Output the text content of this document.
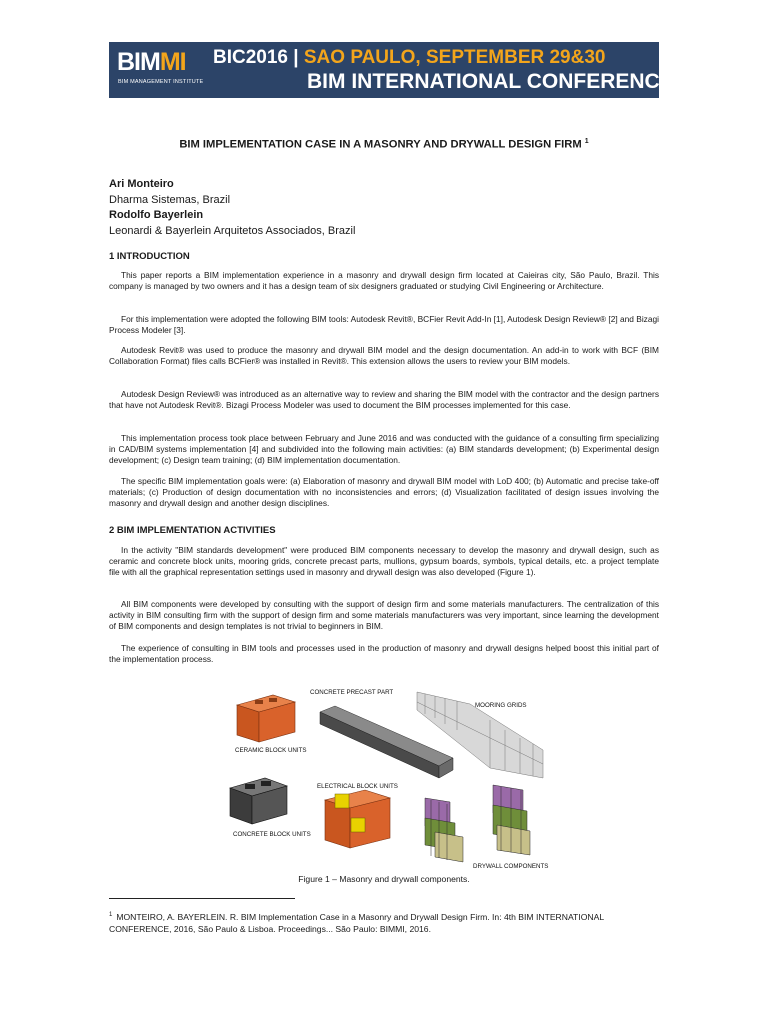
BIMMI
BIM MANAGEMENT INSTITUTE
BIC2016 | SAO PAULO, SEPTEMBER 29&30
BIM INTERNATIONAL CONFERENCE
BIM IMPLEMENTATION CASE IN A MASONRY AND DRYWALL DESIGN FIRM $^1$
Ari Monteiro
Dharma Sistemas, Brazil
Rodolfo Bayerlein
Leonardi & Bayerlein Arquitetos Associados, Brazil
1 INTRODUCTION
This paper reports a BIM implementation experience in a masonry and drywall design firm located at Caieiras city, São Paulo, Brazil. This company is managed by two owners and it has a design team of six designers graduated or studying Civil Engineering or Architecture.
For this implementation were adopted the following BIM tools: Autodesk Revit®, BCFier Revit Add-In [1], Autodesk Design Review® [2] and Bizagi Process Modeler [3].
Autodesk Revit® was used to produce the masonry and drywall BIM model and the design documentation. An add-in to work with BCF (BIM Collaboration Format) files calls BCFier® was installed in Revit®. This extension allows the users to review your BIM models.
Autodesk Design Review® was introduced as an alternative way to review and sharing the BIM model with the contractor and the design partners that have not Autodesk Revit®. Bizagi Process Modeler was used to document the BIM processes implemented for this case.
This implementation process took place between February and June 2016 and was conducted with the guidance of a consulting firm specializing in CAD/BIM systems implementation [4] and subdivided into the following main activities: (a) BIM standards development; (b) Experimental design development; (c) Design team training; (d) BIM implementation documentation.
The specific BIM implementation goals were: (a) Elaboration of masonry and drywall BIM model with LoD 400; (b) Automatic and precise take-off materials; (c) Production of design documentation with no inconsistencies and errors; (d) Visualization facilitated of design issues involving the masonry and drywall design and another design disciplines.
2 BIM IMPLEMENTATION ACTIVITIES
In the activity "BIM standards development" were produced BIM components necessary to develop the masonry and drywall design, such as ceramic and concrete block units, mooring grids, concrete precast parts, mullions, gypsum boards, symbols, typical details, etc. a project template file with all the graphical representation settings used in masonry and drywall design was also developed (Figure 1).
All BIM components were developed by consulting with the support of design firm and some materials manufacturers. The centralization of this activity in BIM consulting firm with the support of design firm and some materials manufacturers was very important, since learning the development of BIM components and design templates is not trivial to beginners in BIM.
The experience of consulting in BIM tools and processes used in the production of masonry and drywall designs helped boost this initial part of the implementation process.
CERAMIC BLOCK UNITS
CONCRETE PRECAST PART
MOORING GRIDS
CONCRETE BLOCK UNITS
ELECTRICAL BLOCK UNITS
DRYWALL COMPONENTS
Figure 1 – Masonry and drywall components.
$^1$ MONTEIRO, A. BAYERLEIN. R. BIM Implementation Case in a Masonry and Drywall Design Firm. In: 4th BIM INTERNATIONAL CONFERENCE, 2016, São Paulo & Lisboa. Proceedings... São Paulo: BIMMI, 2016.
